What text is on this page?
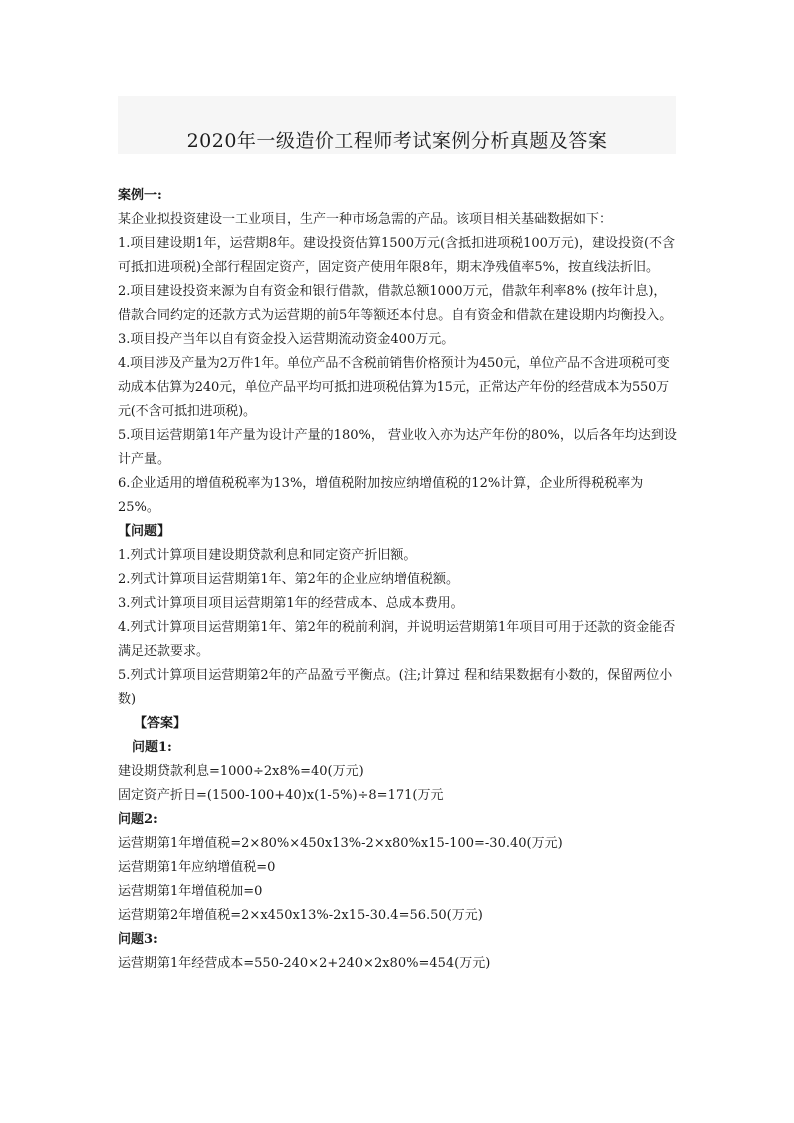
2020年一级造价工程师考试案例分析真题及答案

案例一:

某企业拟投资建设一工业项目，生产一种市场急需的产品。该项目相关基础数据如下：

1.项目建设期1年，运营期8年。建设投资估算1500万元(含抵扣进项税100万元)，建设投资(不含可抵扣进项税)全部行程固定资产，固定资产使用年限8年，期末净残值率5%，按直线法折旧。

2.项目建设投资来源为自有资金和银行借款，借款总额1000万元，借款年利率8% (按年计息)，借款合同约定的还款方式为运营期的前5年等额还本付息。自有资金和借款在建设期内均衡投入。

3.项目投产当年以自有资金投入运营期流动资金400万元。

4.项目涉及产量为2万件1年。单位产品不含税前销售价格预计为450元，单位产品不含进项税可变动成本估算为240元，单位产品平均可抵扣进项税估算为15元，正常达产年份的经营成本为550万元(不含可抵扣进项税)。

5.项目运营期第1年产量为设计产量的180%， 营业收入亦为达产年份的80%，以后各年均达到设计产量。

6.企业适用的增值税税率为13%，增值税附加按应纳增值税的12%计算，企业所得税税率为25%。

【问题】

1.列式计算项目建设期贷款利息和同定资产折旧额。

2.列式计算项目运营期第1年、第2年的企业应纳增值税额。

3.列式计算项目项目运营期第1年的经营成本、总成本费用。

4.列式计算项目运营期第1年、第2年的税前利润，并说明运营期第1年项目可用于还款的资金能否满足还款要求。

5.列式计算项目运营期第2年的产品盈亏平衡点。(注;计算过 程和结果数据有小数的，保留两位小数)

【答案】

问题1:

建设期贷款利息=1000÷2x8%=40(万元)

固定资产折日=(1500-100+40)x(1-5%)÷8=171(万元

问题2:

运营期第1年增值税=2×80%×450x13%-2×x80%x15-100=-30.40(万元)

运营期第1年应纳增值税=0

运营期第1年增值税加=0

运营期第2年增值税=2×x450x13%-2x15-30.4=56.50(万元)

问题3:

运营期第1年经营成本=550-240×2+240×2x80%=454(万元)
